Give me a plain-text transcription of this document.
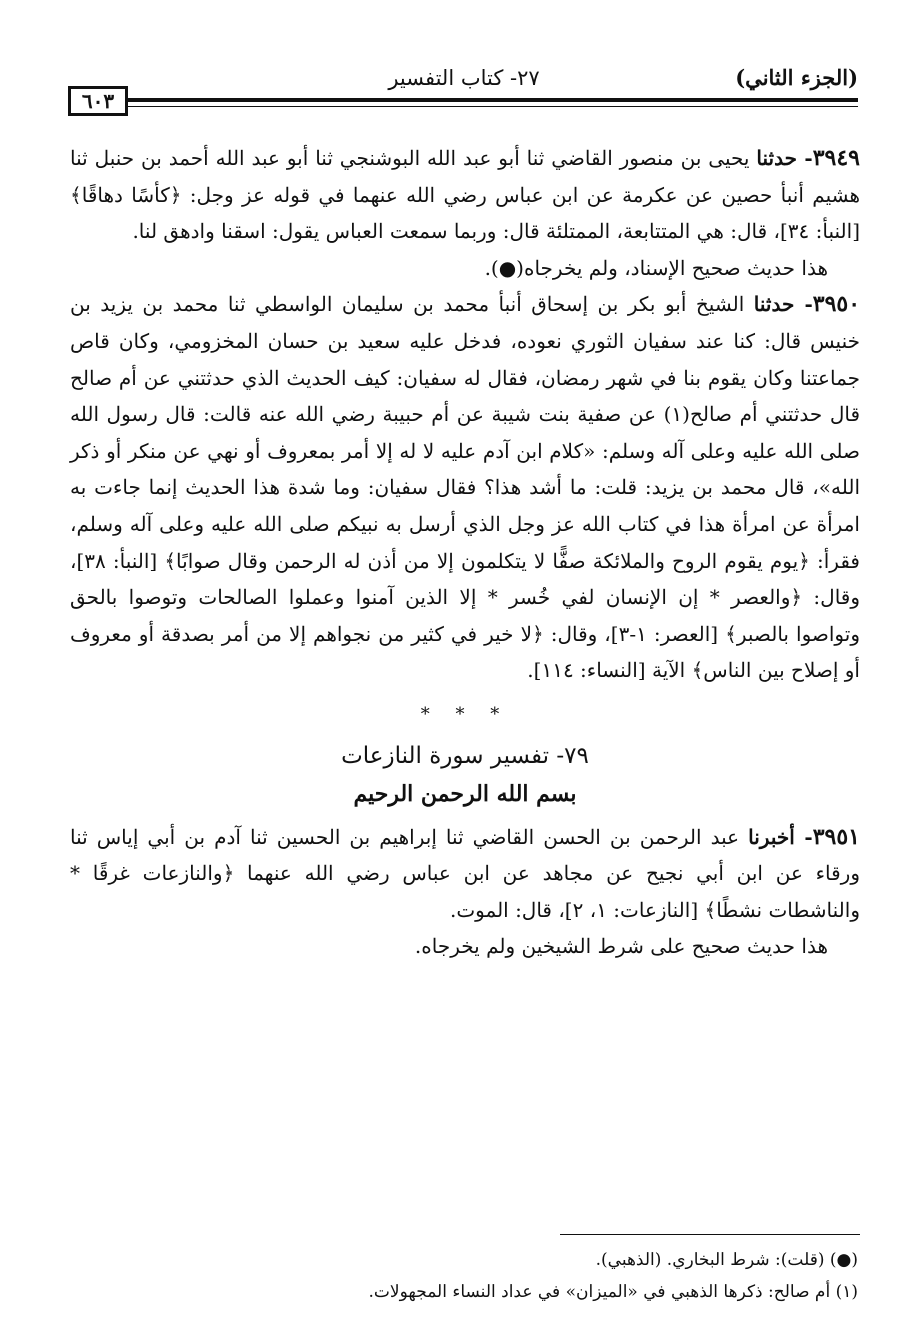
(الجزء الثاني)
٢٧- كتاب التفسير
٦٠٣

٣٩٤٩- حدثنا يحيى بن منصور القاضي ثنا أبو عبد الله البوشنجي ثنا أبو عبد الله أحمد بن حنبل ثنا هشيم أنبأ حصين عن عكرمة عن ابن عباس رضي الله عنهما في قوله عز وجل: ﴿كأسًا دهاقًا﴾ [النبأ: ٣٤]، قال: هي المتتابعة، الممتلئة قال: وربما سمعت العباس يقول: اسقنا وادهق لنا.

هذا حديث صحيح الإسناد، ولم يخرجاه(●).

٣٩٥٠- حدثنا الشيخ أبو بكر بن إسحاق أنبأ محمد بن سليمان الواسطي ثنا محمد بن يزيد بن خنيس قال: كنا عند سفيان الثوري نعوده، فدخل عليه سعيد بن حسان المخزومي، وكان قاص جماعتنا وكان يقوم بنا في شهر رمضان، فقال له سفيان: كيف الحديث الذي حدثتني عن أم صالح قال حدثتني أم صالح(١) عن صفية بنت شيبة عن أم حبيبة رضي الله عنه قالت: قال رسول الله صلى الله عليه وعلى آله وسلم: «كلام ابن آدم عليه لا له إلا أمر بمعروف أو نهي عن منكر أو ذكر الله»، قال محمد بن يزيد: قلت: ما أشد هذا؟ فقال سفيان: وما شدة هذا الحديث إنما جاءت به امرأة عن امرأة هذا في كتاب الله عز وجل الذي أرسل به نبيكم صلى الله عليه وعلى آله وسلم، فقرأ: ﴿يوم يقوم الروح والملائكة صفًّا لا يتكلمون إلا من أذن له الرحمن وقال صوابًا﴾ [النبأ: ٣٨]، وقال: ﴿والعصر * إن الإنسان لفي خُسر * إلا الذين آمنوا وعملوا الصالحات وتوصوا بالحق وتواصوا بالصبر﴾ [العصر: ١-٣]، وقال: ﴿لا خير في كثير من نجواهم إلا من أمر بصدقة أو معروف أو إصلاح بين الناس﴾ الآية [النساء: ١١٤].

* * *

٧٩- تفسير سورة النازعات

بسم الله الرحمن الرحيم

٣٩٥١- أخبرنا عبد الرحمن بن الحسن القاضي ثنا إبراهيم بن الحسين ثنا آدم بن أبي إياس ثنا ورقاء عن ابن أبي نجيح عن مجاهد عن ابن عباس رضي الله عنهما ﴿والنازعات غرقًا * والناشطات نشطًا﴾ [النازعات: ١، ٢]، قال: الموت.

هذا حديث صحيح على شرط الشيخين ولم يخرجاه.

(●) (قلت): شرط البخاري. (الذهبي).

(١) أم صالح: ذكرها الذهبي في «الميزان» في عداد النساء المجهولات.
